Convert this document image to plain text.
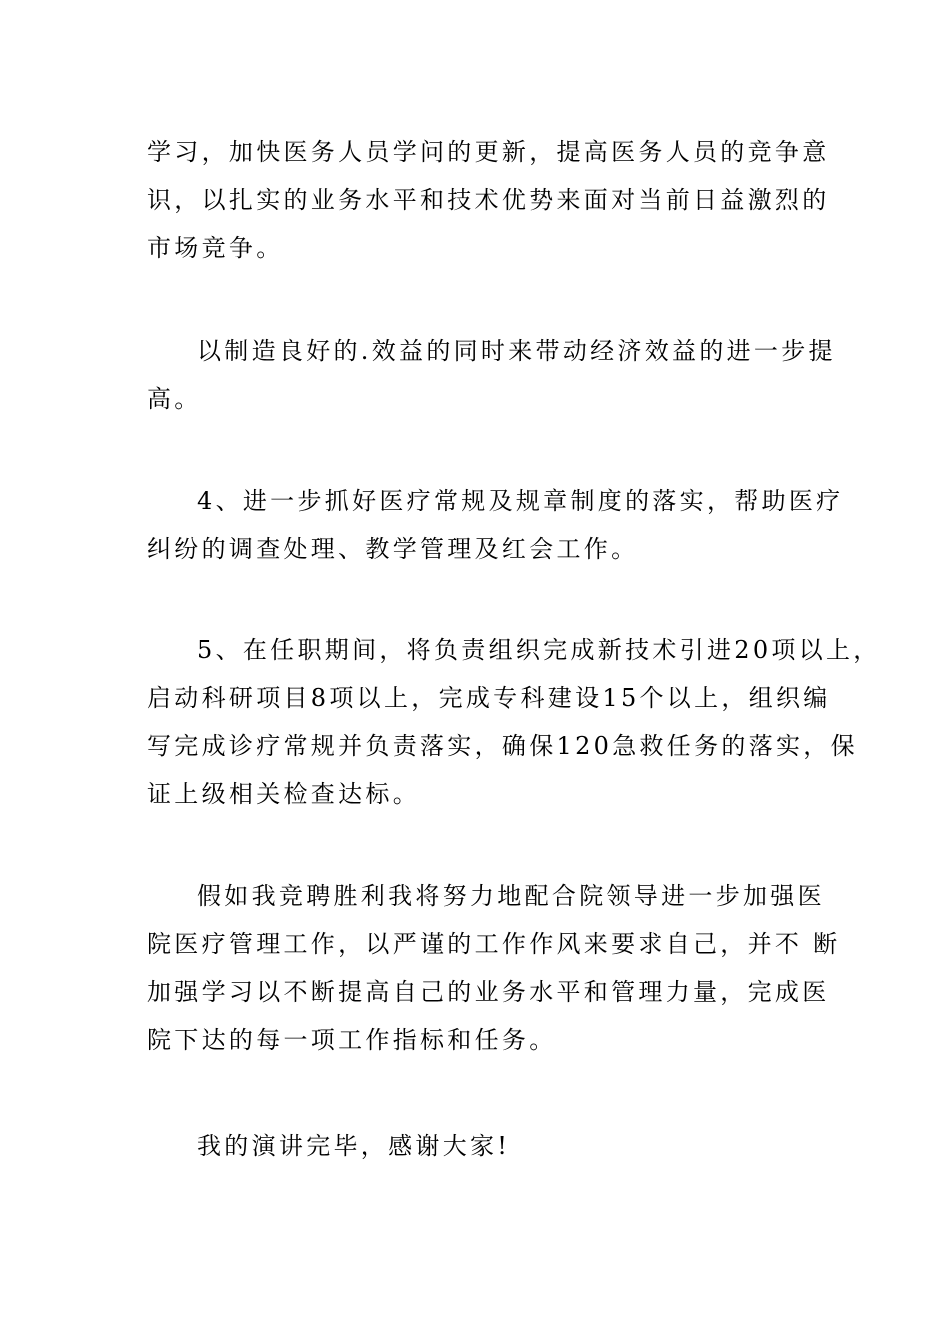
学习，加快医务人员学问的更新，提高医务人员的竞争意
识，以扎实的业务水平和技术优势来面对当前日益激烈的
市场竞争。
以制造良好的.效益的同时来带动经济效益的进一步提
高。
4、进一步抓好医疗常规及规章制度的落实，帮助医疗
纠纷的调查处理、教学管理及红会工作。
5、在任职期间，将负责组织完成新技术引进20项以上，
启动科研项目8项以上，完成专科建设15个以上，组织编
写完成诊疗常规并负责落实，确保120急救任务的落实，保
证上级相关检查达标。
假如我竞聘胜利我将努力地配合院领导进一步加强医
院医疗管理工作，以严谨的工作作风来要求自己，并不 断
加强学习以不断提高自己的业务水平和管理力量，完成医
院下达的每一项工作指标和任务。
我的演讲完毕，感谢大家!
